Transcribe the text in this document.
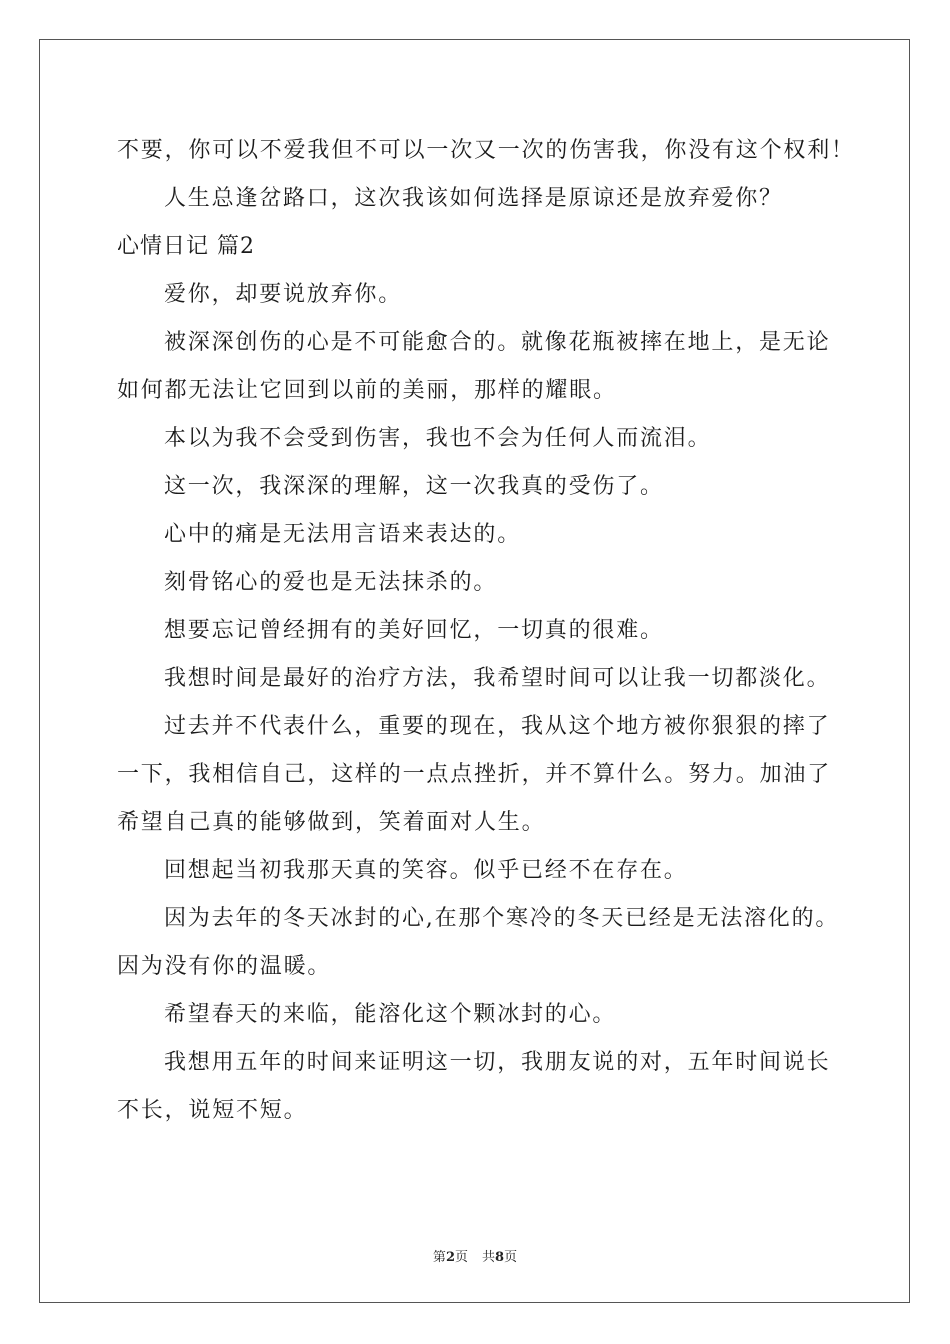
不要，你可以不爱我但不可以一次又一次的伤害我，你没有这个权利！
人生总逢岔路口，这次我该如何选择是原谅还是放弃爱你？
心情日记 篇2
爱你，却要说放弃你。
被深深创伤的心是不可能愈合的。就像花瓶被摔在地上，是无论
如何都无法让它回到以前的美丽，那样的耀眼。
本以为我不会受到伤害，我也不会为任何人而流泪。
这一次，我深深的理解，这一次我真的受伤了。
心中的痛是无法用言语来表达的。
刻骨铭心的爱也是无法抹杀的。
想要忘记曾经拥有的美好回忆，一切真的很难。
我想时间是最好的治疗方法，我希望时间可以让我一切都淡化。
过去并不代表什么，重要的现在，我从这个地方被你狠狠的摔了
一下，我相信自己，这样的一点点挫折，并不算什么。努力。加油了
希望自己真的能够做到，笑着面对人生。
回想起当初我那天真的笑容。似乎已经不在存在。
因为去年的冬天冰封的心,在那个寒冷的冬天已经是无法溶化的。
因为没有你的温暖。
希望春天的来临，能溶化这个颗冰封的心。
我想用五年的时间来证明这一切，我朋友说的对，五年时间说长
不长，说短不短。
第2页 共8页
